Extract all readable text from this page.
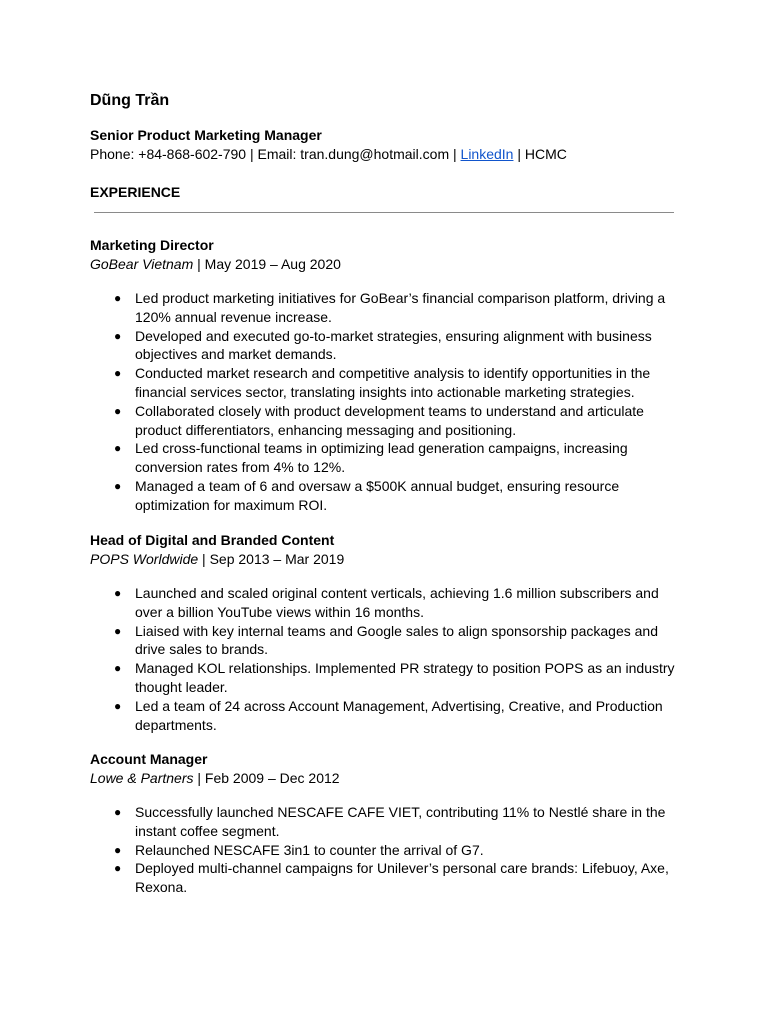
Dũng Trần
Senior Product Marketing Manager
Phone: +84-868-602-790 | Email: tran.dung@hotmail.com | LinkedIn | HCMC
EXPERIENCE
Marketing Director
GoBear Vietnam | May 2019 – Aug 2020
● Led product marketing initiatives for GoBear’s financial comparison platform, driving a 120% annual revenue increase.
● Developed and executed go-to-market strategies, ensuring alignment with business objectives and market demands.
● Conducted market research and competitive analysis to identify opportunities in the financial services sector, translating insights into actionable marketing strategies.
● Collaborated closely with product development teams to understand and articulate product differentiators, enhancing messaging and positioning.
● Led cross-functional teams in optimizing lead generation campaigns, increasing conversion rates from 4% to 12%.
● Managed a team of 6 and oversaw a $500K annual budget, ensuring resource optimization for maximum ROI.
Head of Digital and Branded Content
POPS Worldwide | Sep 2013 – Mar 2019
● Launched and scaled original content verticals, achieving 1.6 million subscribers and over a billion YouTube views within 16 months.
● Liaised with key internal teams and Google sales to align sponsorship packages and drive sales to brands.
● Managed KOL relationships. Implemented PR strategy to position POPS as an industry thought leader.
● Led a team of 24 across Account Management, Advertising, Creative, and Production departments.
Account Manager
Lowe & Partners | Feb 2009 – Dec 2012
● Successfully launched NESCAFE CAFE VIET, contributing 11% to Nestlé share in the instant coffee segment.
● Relaunched NESCAFE 3in1 to counter the arrival of G7.
● Deployed multi-channel campaigns for Unilever’s personal care brands: Lifebuoy, Axe, Rexona.
